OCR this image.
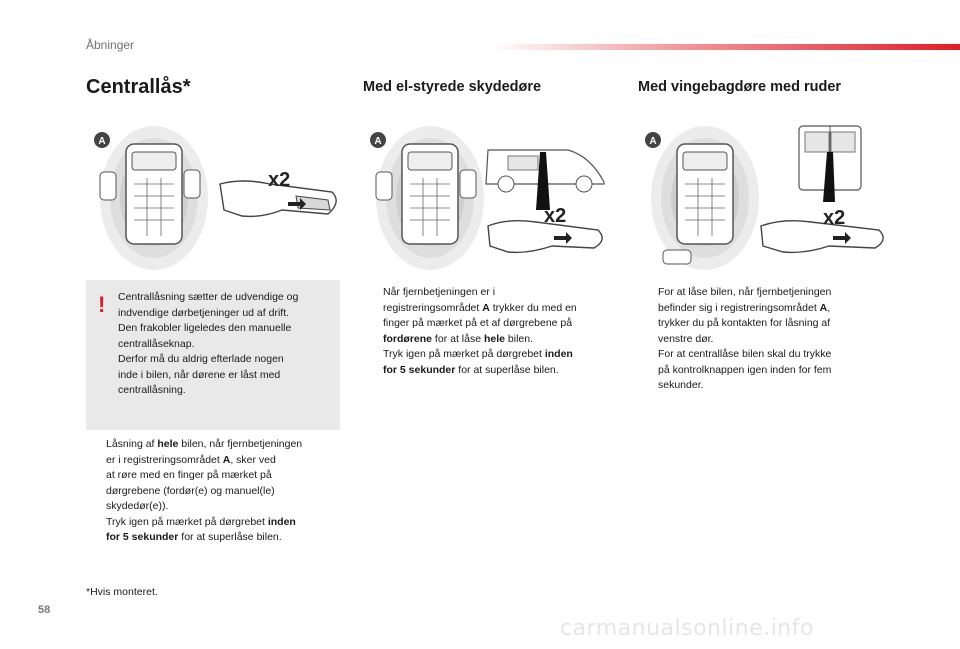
Åbninger
Centrallås*	Med el-styrede skydedøre	Med vingebagdøre med ruder
A
x2
A
x2
A
x2
! Centrallåsning sætter de udvendige og
indvendige dørbetjeninger ud af drift.
Den frakobler ligeledes den manuelle
centrallåseknap.
Derfor må du aldrig efterlade nogen
inde i bilen, når dørene er låst med
centrallåsning.
Låsning af hele bilen, når fjernbetjeningen
er i registreringsområdet A, sker ved
at røre med en finger på mærket på
dørgrebene (fordør(e) og manuel(le)
skydedør(e)).
Tryk igen på mærket på dørgrebet inden
for 5 sekunder for at superlåse bilen.
Når fjernbetjeningen er i
registreringsområdet A trykker du med en
finger på mærket på et af dørgrebene på
fordørene for at låse hele bilen.
Tryk igen på mærket på dørgrebet inden
for 5 sekunder for at superlåse bilen.
For at låse bilen, når fjernbetjeningen
befinder sig i registreringsområdet A,
trykker du på kontakten for låsning af
venstre dør.
For at centrallåse bilen skal du trykke
på kontrolknappen igen inden for fem
sekunder.
*Hvis monteret.
58
carmanualsonline.info
